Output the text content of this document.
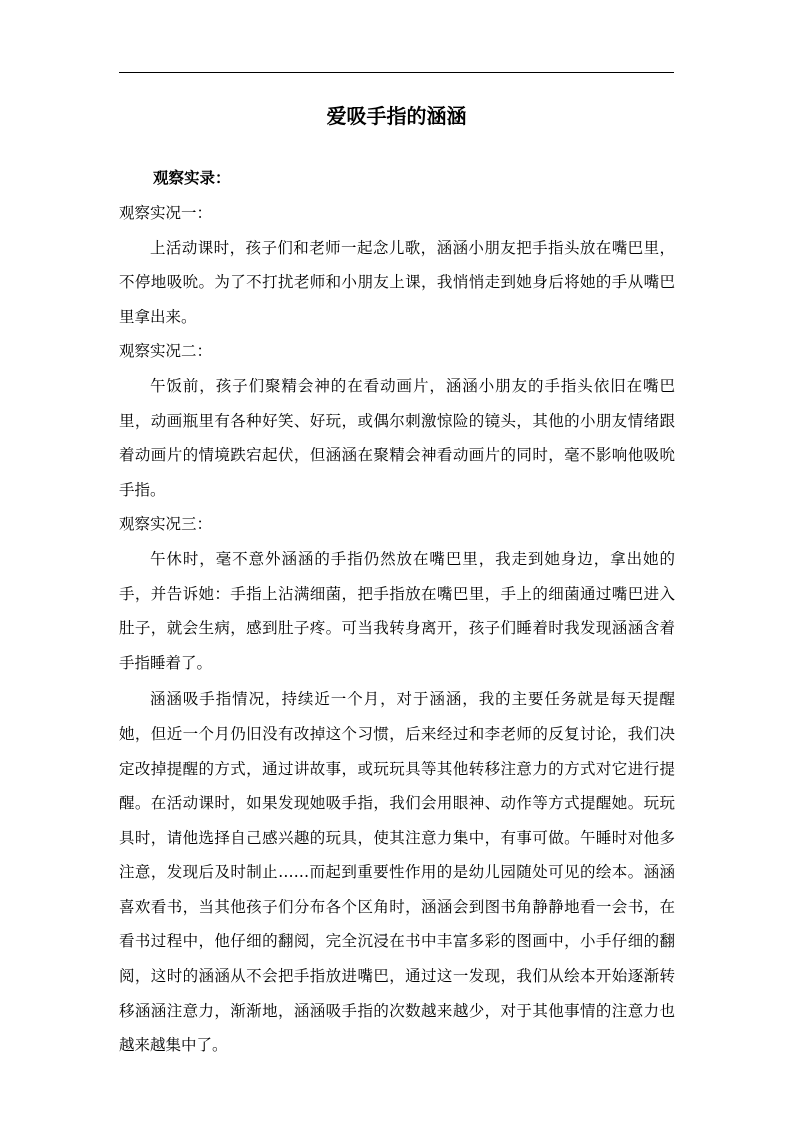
爱吸手指的涵涵

观察实录：

观察实况一：

上活动课时，孩子们和老师一起念儿歌，涵涵小朋友把手指头放在嘴巴里，不停地吸吮。为了不打扰老师和小朋友上课，我悄悄走到她身后将她的手从嘴巴里拿出来。

观察实况二：

午饭前，孩子们聚精会神的在看动画片，涵涵小朋友的手指头依旧在嘴巴里，动画瓶里有各种好笑、好玩，或偶尔刺激惊险的镜头，其他的小朋友情绪跟着动画片的情境跌宕起伏，但涵涵在聚精会神看动画片的同时，毫不影响他吸吮手指。

观察实况三：

午休时，毫不意外涵涵的手指仍然放在嘴巴里，我走到她身边，拿出她的手，并告诉她：手指上沾满细菌，把手指放在嘴巴里，手上的细菌通过嘴巴进入肚子，就会生病，感到肚子疼。可当我转身离开，孩子们睡着时我发现涵涵含着手指睡着了。

涵涵吸手指情况，持续近一个月，对于涵涵，我的主要任务就是每天提醒她，但近一个月仍旧没有改掉这个习惯，后来经过和李老师的反复讨论，我们决定改掉提醒的方式，通过讲故事，或玩玩具等其他转移注意力的方式对它进行提醒。在活动课时，如果发现她吸手指，我们会用眼神、动作等方式提醒她。玩玩具时，请他选择自己感兴趣的玩具，使其注意力集中，有事可做。午睡时对他多注意，发现后及时制止……而起到重要性作用的是幼儿园随处可见的绘本。涵涵喜欢看书，当其他孩子们分布各个区角时，涵涵会到图书角静静地看一会书，在看书过程中，他仔细的翻阅，完全沉浸在书中丰富多彩的图画中，小手仔细的翻阅，这时的涵涵从不会把手指放进嘴巴，通过这一发现，我们从绘本开始逐渐转移涵涵注意力，渐渐地，涵涵吸手指的次数越来越少，对于其他事情的注意力也越来越集中了。
